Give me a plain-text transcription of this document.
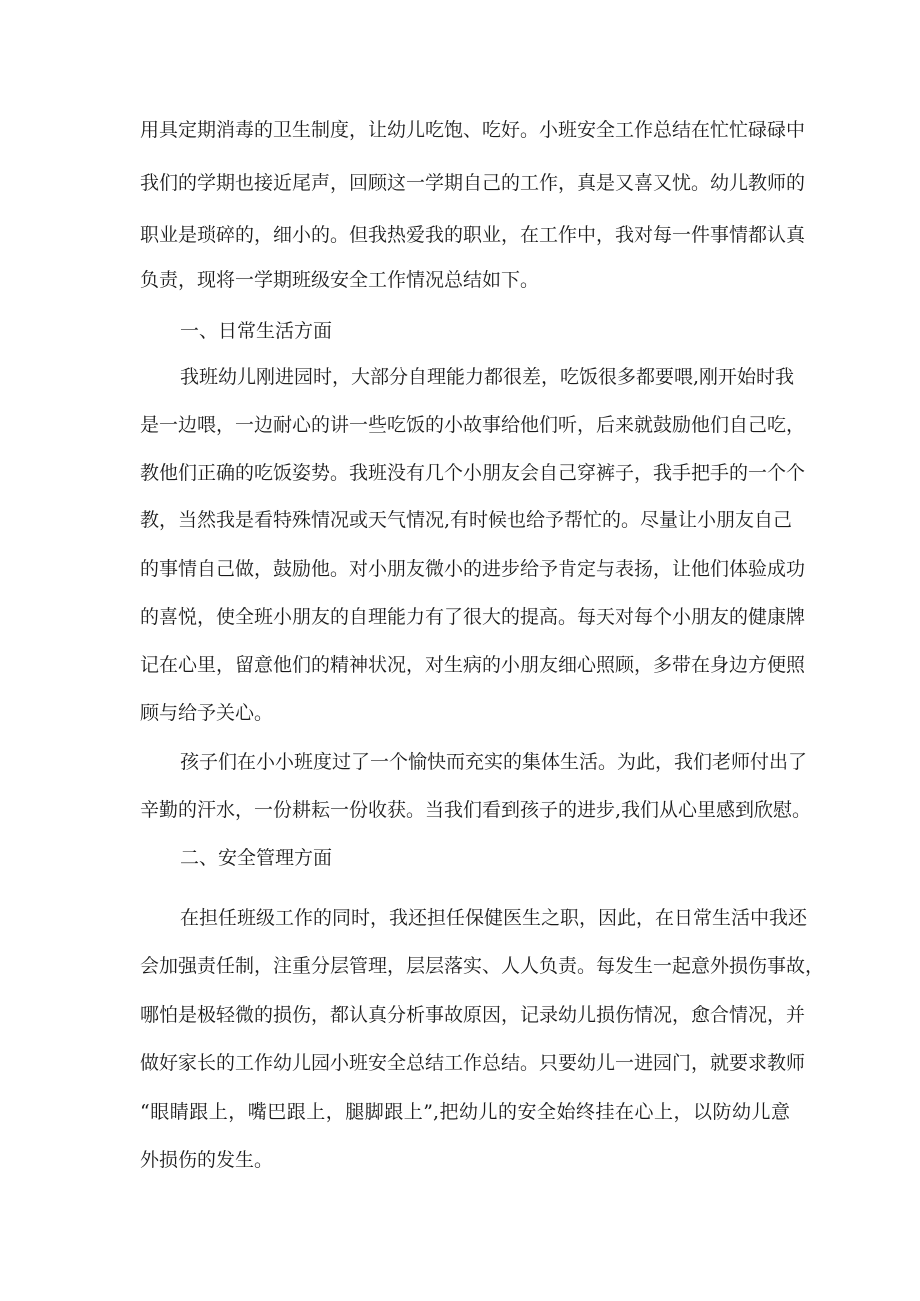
用具定期消毒的卫生制度，让幼儿吃饱、吃好。小班安全工作总结在忙忙碌碌中
我们的学期也接近尾声，回顾这一学期自己的工作，真是又喜又忧。幼儿教师的
职业是琐碎的，细小的。但我热爱我的职业，在工作中，我对每一件事情都认真
负责，现将一学期班级安全工作情况总结如下。
一、日常生活方面
我班幼儿刚进园时，大部分自理能力都很差，吃饭很多都要喂,刚开始时我
是一边喂，一边耐心的讲一些吃饭的小故事给他们听，后来就鼓励他们自己吃，
教他们正确的吃饭姿势。我班没有几个小朋友会自己穿裤子，我手把手的一个个
教，当然我是看特殊情况或天气情况,有时候也给予帮忙的。尽量让小朋友自己
的事情自己做，鼓励他。对小朋友微小的进步给予肯定与表扬，让他们体验成功
的喜悦，使全班小朋友的自理能力有了很大的提高。每天对每个小朋友的健康牌
记在心里，留意他们的精神状况，对生病的小朋友细心照顾，多带在身边方便照
顾与给予关心。
孩子们在小小班度过了一个愉快而充实的集体生活。为此，我们老师付出了
辛勤的汗水，一份耕耘一份收获。当我们看到孩子的进步,我们从心里感到欣慰。
二、安全管理方面
在担任班级工作的同时，我还担任保健医生之职，因此，在日常生活中我还
会加强责任制，注重分层管理，层层落实、人人负责。每发生一起意外损伤事故，
哪怕是极轻微的损伤，都认真分析事故原因，记录幼儿损伤情况，愈合情况，并
做好家长的工作幼儿园小班安全总结工作总结。只要幼儿一进园门，就要求教师
“眼睛跟上，嘴巴跟上，腿脚跟上”,把幼儿的安全始终挂在心上，以防幼儿意
外损伤的发生。
